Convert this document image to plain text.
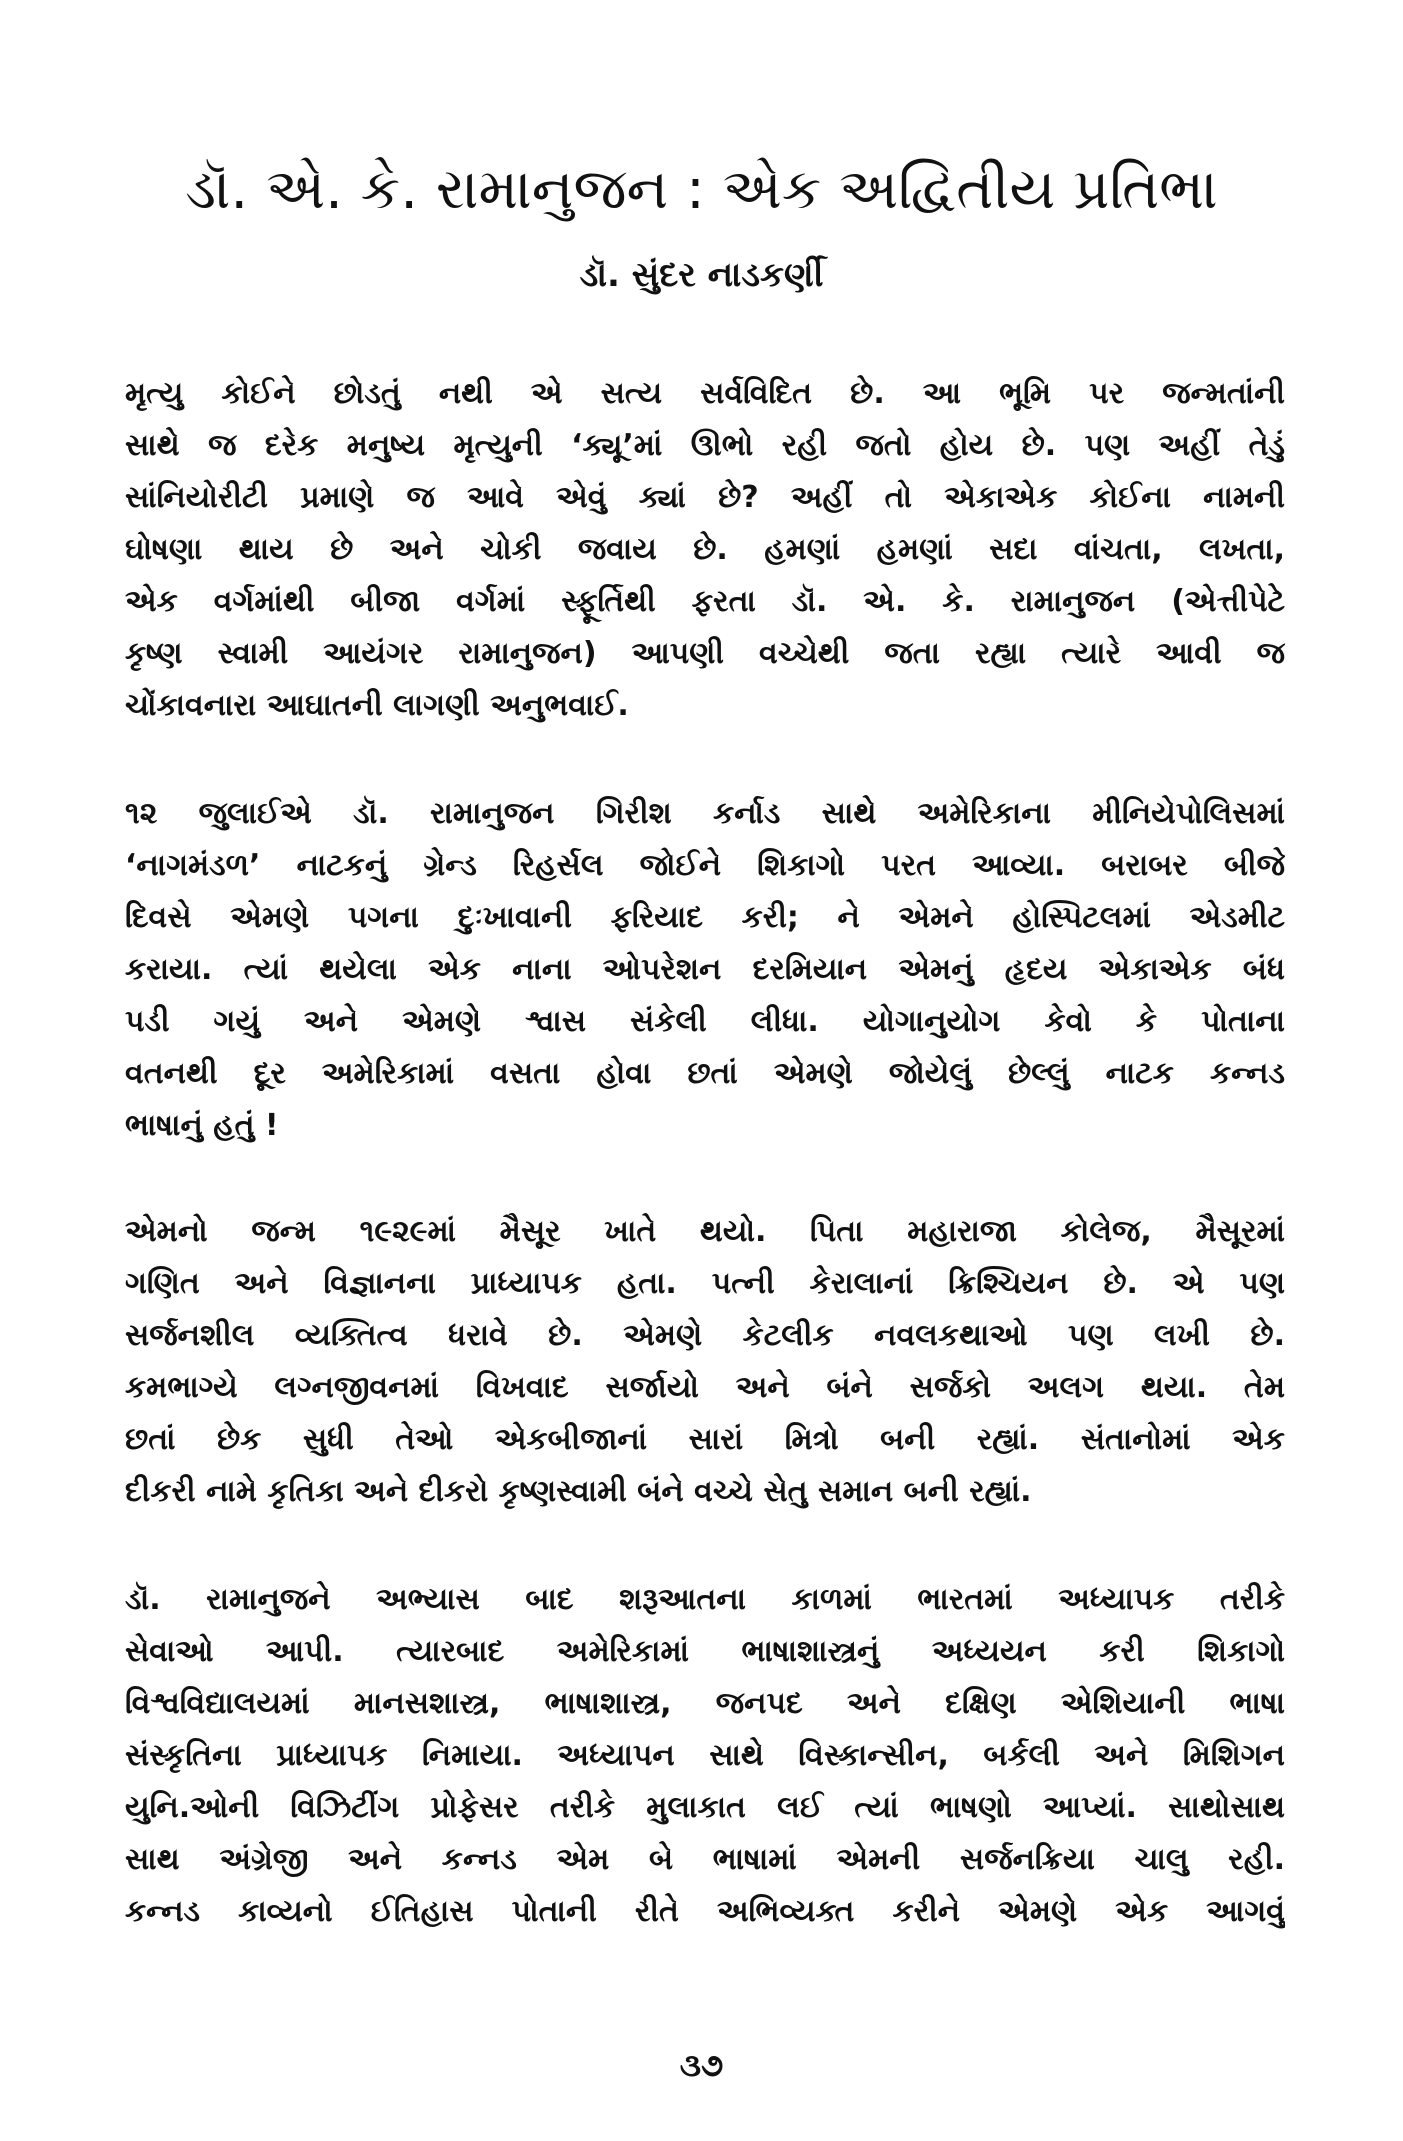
ડૉ. એ. કે. રામાનુજન : એક અદ્વિતીય પ્રતિભા
ડૉ. સુંદર નાડકર્ણી
મૃત્યુ કોઈને છોડતું નથી એ સત્ય સર્વવિદિત છે. આ ભૂમિ પર જન્મતાંની
સાથે જ દરેક મનુષ્ય મૃત્યુની ‘ક્યૂ’માં ઊભો રહી જતો હોય છે. પણ અહીં તેડું
સાંનિયોરીટી પ્રમાણે જ આવે એવું ક્યાં છે? અહીં તો એકાએક કોઈના નામની
ઘોષણા થાય છે અને ચોકી જવાય છે. હમણાં હમણાં સદા વાંચતા, લખતા,
એક વર્ગમાંથી બીજા વર્ગમાં સ્ફૂર્તિથી ફરતા ડૉ. એ. કે. રામાનુજન (એત્તીપેટે
કૃષ્ણ સ્વામી આયંગર રામાનુજન) આપણી વચ્ચેથી જતા રહ્યા ત્યારે આવી જ
ચોંકાવનારા આઘાતની લાગણી અનુભવાઈ.
૧૨ જુલાઈએ ડૉ. રામાનુજન ગિરીશ કર્નાડ સાથે અમેરિકાના મીનિયેપોલિસમાં
‘નાગમંડળ’ નાટકનું ગ્રેન્ડ રિહર્સલ જોઈને શિકાગો પરત આવ્યા. બરાબર બીજે
દિવસે એમણે પગના દુઃખાવાની ફરિયાદ કરી; ને એમને હોસ્પિટલમાં એડમીટ
કરાયા. ત્યાં થયેલા એક નાના ઓપરેશન દરમિયાન એમનું હૃદય એકાએક બંધ
પડી ગયું અને એમણે શ્વાસ સંકેલી લીધા. યોગાનુયોગ કેવો કે પોતાના
વતનથી દૂર અમેરિકામાં વસતા હોવા છતાં એમણે જોયેલું છેલ્લું નાટક કન્નડ
ભાષાનું હતું !
એમનો જન્મ ૧૯૨૯માં મૈસૂર ખાતે થયો. પિતા મહારાજા કોલેજ, મૈસૂરમાં
ગણિત અને વિજ્ઞાનના પ્રાધ્યાપક હતા. પત્ની કેરાલાનાં ક્રિશ્ચિયન છે. એ પણ
સર્જનશીલ વ્યક્તિત્વ ધરાવે છે. એમણે કેટલીક નવલકથાઓ પણ લખી છે.
કમભાગ્યે લગ્નજીવનમાં વિખવાદ સર્જાયો અને બંને સર્જકો અલગ થયા. તેમ
છતાં છેક સુધી તેઓ એકબીજાનાં સારાં મિત્રો બની રહ્યાં. સંતાનોમાં એક
દીકરી નામે કૃતિકા અને દીકરો કૃષ્ણસ્વામી બંને વચ્ચે સેતુ સમાન બની રહ્યાં.
ડૉ. રામાનુજને અભ્યાસ બાદ શરૂઆતના કાળમાં ભારતમાં અધ્યાપક તરીકે
સેવાઓ આપી. ત્યારબાદ અમેરિકામાં ભાષાશાસ્ત્રનું અધ્યયન કરી શિકાગો
વિશ્વવિદ્યાલયમાં માનસશાસ્ત્ર, ભાષાશાસ્ત્ર, જનપદ અને દક્ષિણ એશિયાની ભાષા
સંસ્કૃતિના પ્રાધ્યાપક નિમાયા. અધ્યાપન સાથે વિસ્કાન્સીન, બર્કલી અને મિશિગન
યુનિ.ઓની વિઝિટીંગ પ્રોફેસર તરીકે મુલાકાત લઈ ત્યાં ભાષણો આપ્યાં. સાથોસાથ
સાથ અંગ્રેજી અને કન્નડ એમ બે ભાષામાં એમની સર્જનક્રિયા ચાલુ રહી.
કન્નડ કાવ્યનો ઈતિહાસ પોતાની રીતે અભિવ્યક્ત કરીને એમણે એક આગવું
૩૭
